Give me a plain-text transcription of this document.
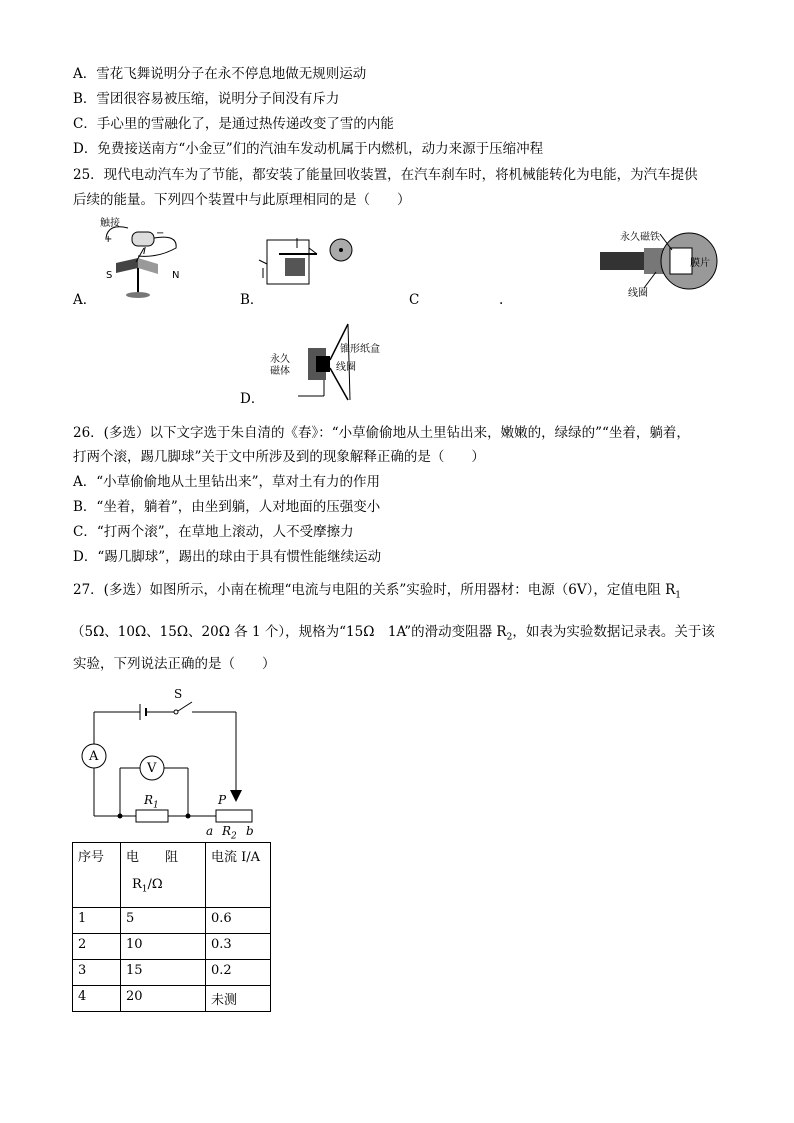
A．雪花飞舞说明分子在永不停息地做无规则运动
B．雪团很容易被压缩，说明分子间没有斥力
C．手心里的雪融化了，是通过热传递改变了雪的内能
D．免费接送南方“小金豆”们的汽油车发动机属于内燃机，动力来源于压缩冲程
25．现代电动汽车为了节能，都安装了能量回收装置，在汽车刹车时，将机械能转化为电能，为汽车提供
后续的能量。下列四个装置中与此原理相同的是（　　）
触接
+
−
I
S	N
A．	B．	C	.
永久磁铁
膜片
线圈
永久
磁体
锥形纸盒
线圈
D．
26．(多选）以下文字选于朱自清的《春》：“小草偷偷地从土里钻出来，嫩嫩的，绿绿的”“坐着，躺着，
打两个滚，踢几脚球”关于文中所涉及到的现象解释正确的是（　　）
A．“小草偷偷地从土里钻出来”，草对土有力的作用
B．“坐着，躺着”，由坐到躺，人对地面的压强变小
C．“打两个滚”，在草地上滚动，人不受摩擦力
D．“踢几脚球”，踢出的球由于具有惯性能继续运动
27．(多选）如图所示，小南在梳理“电流与电阻的关系”实验时，所用器材：电源（6V），定值电阻 $R_1$
（5Ω、10Ω、15Ω、20Ω 各 1 个），规格为“15Ω　1A”的滑动变阻器 $R_2$，如表为实验数据记录表。关于该
实验，下列说法正确的是（　　）
S
A
V
$R_1$	P
a $R_2$ b
序号	电　　阻
$R_1/\Omega$	电流 I/A
1	5	0.6
2	10	0.3
3	15	0.2
4	20	未测
